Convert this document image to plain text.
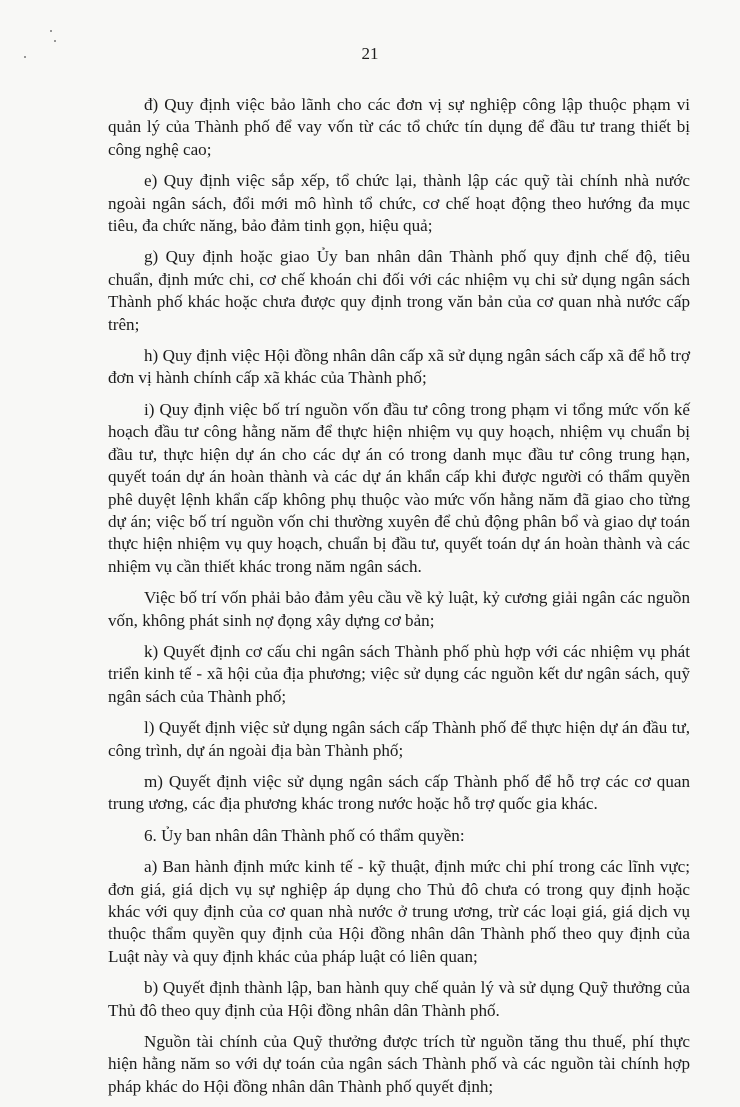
21

đ) Quy định việc bảo lãnh cho các đơn vị sự nghiệp công lập thuộc phạm vi quản lý của Thành phố để vay vốn từ các tổ chức tín dụng để đầu tư trang thiết bị công nghệ cao;

e) Quy định việc sắp xếp, tổ chức lại, thành lập các quỹ tài chính nhà nước ngoài ngân sách, đổi mới mô hình tổ chức, cơ chế hoạt động theo hướng đa mục tiêu, đa chức năng, bảo đảm tinh gọn, hiệu quả;

g) Quy định hoặc giao Ủy ban nhân dân Thành phố quy định chế độ, tiêu chuẩn, định mức chi, cơ chế khoán chi đối với các nhiệm vụ chi sử dụng ngân sách Thành phố khác hoặc chưa được quy định trong văn bản của cơ quan nhà nước cấp trên;

h) Quy định việc Hội đồng nhân dân cấp xã sử dụng ngân sách cấp xã để hỗ trợ đơn vị hành chính cấp xã khác của Thành phố;

i) Quy định việc bố trí nguồn vốn đầu tư công trong phạm vi tổng mức vốn kế hoạch đầu tư công hằng năm để thực hiện nhiệm vụ quy hoạch, nhiệm vụ chuẩn bị đầu tư, thực hiện dự án cho các dự án có trong danh mục đầu tư công trung hạn, quyết toán dự án hoàn thành và các dự án khẩn cấp khi được người có thẩm quyền phê duyệt lệnh khẩn cấp không phụ thuộc vào mức vốn hằng năm đã giao cho từng dự án; việc bố trí nguồn vốn chi thường xuyên để chủ động phân bổ và giao dự toán thực hiện nhiệm vụ quy hoạch, chuẩn bị đầu tư, quyết toán dự án hoàn thành và các nhiệm vụ cần thiết khác trong năm ngân sách.

Việc bố trí vốn phải bảo đảm yêu cầu về kỷ luật, kỷ cương giải ngân các nguồn vốn, không phát sinh nợ đọng xây dựng cơ bản;

k) Quyết định cơ cấu chi ngân sách Thành phố phù hợp với các nhiệm vụ phát triển kinh tế - xã hội của địa phương; việc sử dụng các nguồn kết dư ngân sách, quỹ ngân sách của Thành phố;

l) Quyết định việc sử dụng ngân sách cấp Thành phố để thực hiện dự án đầu tư, công trình, dự án ngoài địa bàn Thành phố;

m) Quyết định việc sử dụng ngân sách cấp Thành phố để hỗ trợ các cơ quan trung ương, các địa phương khác trong nước hoặc hỗ trợ quốc gia khác.

6. Ủy ban nhân dân Thành phố có thẩm quyền:

a) Ban hành định mức kinh tế - kỹ thuật, định mức chi phí trong các lĩnh vực; đơn giá, giá dịch vụ sự nghiệp áp dụng cho Thủ đô chưa có trong quy định hoặc khác với quy định của cơ quan nhà nước ở trung ương, trừ các loại giá, giá dịch vụ thuộc thẩm quyền quy định của Hội đồng nhân dân Thành phố theo quy định của Luật này và quy định khác của pháp luật có liên quan;

b) Quyết định thành lập, ban hành quy chế quản lý và sử dụng Quỹ thưởng của Thủ đô theo quy định của Hội đồng nhân dân Thành phố.

Nguồn tài chính của Quỹ thưởng được trích từ nguồn tăng thu thuế, phí thực hiện hằng năm so với dự toán của ngân sách Thành phố và các nguồn tài chính hợp pháp khác do Hội đồng nhân dân Thành phố quyết định;
